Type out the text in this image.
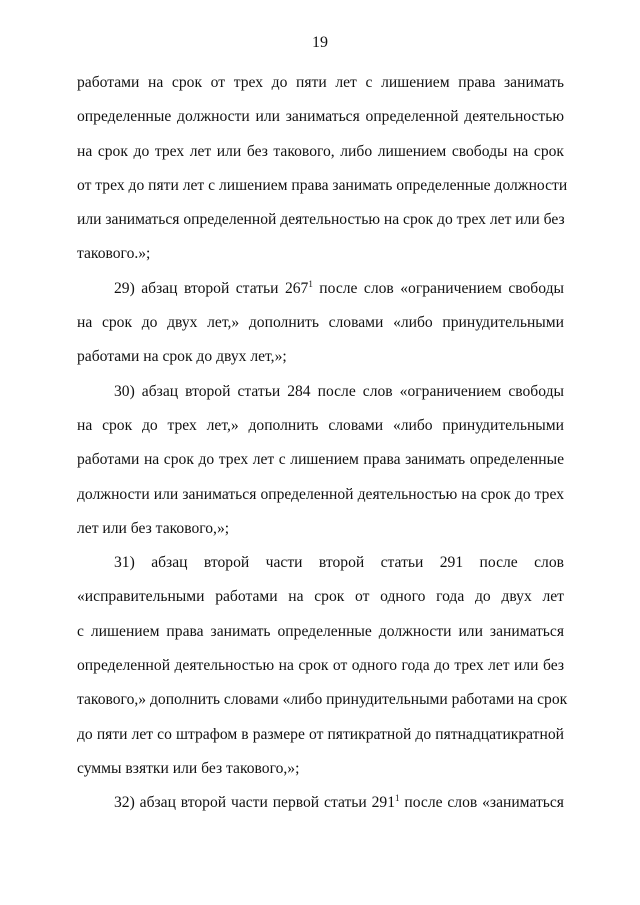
19
работами на срок от трех до пяти лет с лишением права занимать
определенные должности или заниматься определенной деятельностью
на срок до трех лет или без такового, либо лишением свободы на срок
от трех до пяти лет с лишением права занимать определенные должности
или заниматься определенной деятельностью на срок до трех лет или без
такового.»;
29) абзац второй статьи $267^1$ после слов «ограничением свободы
на срок до двух лет,» дополнить словами «либо принудительными
работами на срок до двух лет,»;
30) абзац второй статьи 284 после слов «ограничением свободы
на срок до трех лет,» дополнить словами «либо принудительными
работами на срок до трех лет с лишением права занимать определенные
должности или заниматься определенной деятельностью на срок до трех
лет или без такового,»;
31) абзац второй части второй статьи 291 после слов
«исправительными работами на срок от одного года до двух лет
с лишением права занимать определенные должности или заниматься
определенной деятельностью на срок от одного года до трех лет или без
такового,» дополнить словами «либо принудительными работами на срок
до пяти лет со штрафом в размере от пятикратной до пятнадцатикратной
суммы взятки или без такового,»;
32) абзац второй части первой статьи $291^1$ после слов «заниматься
